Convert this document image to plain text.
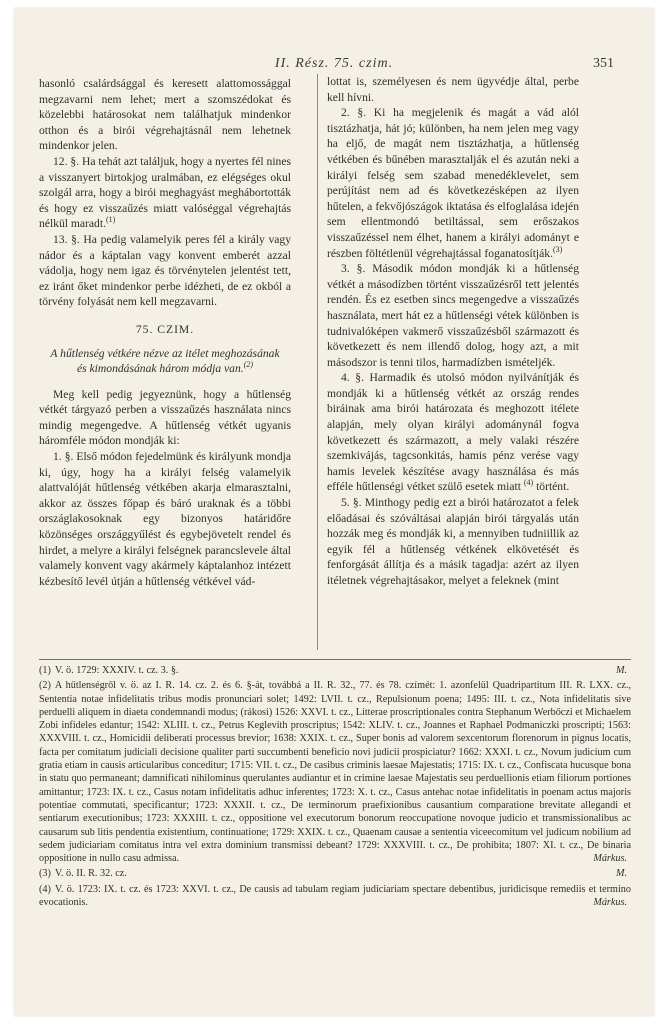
II. Rész. 75. czim.	351

hasonló csalárdsággal és keresett alattomossággal megzavarni nem lehet; mert a szomszédokat és közelebbi határosokat nem találhatjuk mindenkor otthon és a birói végrehajtásnál nem lehetnek mindenkor jelen.

12. §. Ha tehát azt találjuk, hogy a nyertes fél nines a visszanyert birtokjog uralmában, ez elégséges okul szolgál arra, hogy a birói meghagyást meghábortották és hogy ez visszaűzés miatt valóséggal végrehajtás nélkül maradt.$^{(1)}$

13. §. Ha pedig valamelyik peres fél a király vagy nádor és a káptalan vagy konvent emberét azzal vádolja, hogy nem igaz és törvénytelen jelentést tett, ez iránt őket mindenkor perbe idézheti, de ez okból a törvény folyását nem kell megzavarni.

75. CZIM.
A hűtlenség vétkére nézve az itélet meghozásának és kimondásának három módja van.$^{(2)}$

Meg kell pedig jegyeznünk, hogy a hűtlenség vétkét tárgyazó perben a visszaűzés használata nincs mindig megengedve. A hűtlenség vétkét ugyanis háromféle módon mondják ki:

1. §. Első módon fejedelmünk és királyunk mondja ki, úgy, hogy ha a királyi felség valamelyik alattvalóját hűtlenség vétkében akarja elmarasztalni, akkor az összes főpap és báró uraknak és a többi országlakosoknak egy bizonyos határidőre közönséges országgyűlést és egybejövetelt rendel és hirdet, a melyre a királyi felségnek parancslevele által valamely konvent vagy akármely káptalanhoz intézett kézbesítő levél útján a hűtlenség vétkével vád-

lottat is, személyesen és nem ügyvédje által, perbe kell hívni.

2. §. Ki ha megjelenik és magát a vád alól tisztázhatja, hát jó; különben, ha nem jelen meg vagy ha eljő, de magát nem tisztázhatja, a hűtlenség vétkében és bűnében marasztalják el és azután neki a királyi felség sem szabad menedéklevelet, sem perújítást nem ad és következésképen az ilyen hűtelen, a fekvőjószágok iktatása és elfoglalása idején sem ellentmondó betiltással, sem erőszakos visszaűzéssel nem élhet, hanem a királyi adományt e részben föltétlenül végrehajtással foganatosítják.$^{(3)}$

3. §. Második módon mondják ki a hűtlenség vétkét a másodízben történt visszaűzésről tett jelentés rendén. És ez esetben sincs megengedve a visszaűzés használata, mert hát ez a hűtlenségi vétek különben is tudnivalóképen vakmerő visszaűzésből származott és következett és nem illendő dolog, hogy azt, a mit másodszor is tenni tilos, harmadízben ismételjék.

4. §. Harmadik és utolsó módon nyilvánítják és mondják ki a hűtlenség vétkét az ország rendes biráinak ama birói határozata és meghozott itélete alapján, mely olyan királyi adománynál fogva következett és származott, a mely valaki részére szemkivájás, tagcsonkitás, hamis pénz verése vagy hamis levelek készítése avagy használása és más efféle hűtlenségi vétket szülő esetek miatt $^{(4)}$ történt.

5. §. Minthogy pedig ezt a birói határozatot a felek előadásai és szóváltásai alapján birói tárgyalás után hozzák meg és mondják ki, a mennyiben tudniillik az egyik fél a hűtlenség vétkének elkövetését és fenforgását állítja és a másik tagadja: azért az ilyen itéletnek végrehajtásakor, melyet a feleknek (mint

(1) V. ö. 1729: XXXIV. t. cz. 3. §.	M.

(2) A hűtlenségről v. ö. az I. R. 14. cz. 2. és 6. §-át, továbbá a II. R. 32., 77. és 78. czímét: 1. azonfelül Quadripartitum III. R. LXX. cz., Sententia notae infidelitatis tribus modis pronunciari solet; 1492: LVII. t. cz., Repulsionum poena; 1495: III. t. cz., Nota infidelitatis sive perduelli aliquem in diaeta condemnandi modus; (rákosi) 1526: XXVI. t. cz., Litterae proscriptionales contra Stephanum Werbőczi et Michaelem Zobi infideles edantur; 1542: XLIII. t. cz., Petrus Keglevith proscriptus; 1542: XLIV. t. cz., Joannes et Raphael Podmaniczki proscripti; 1563: XXXVIII. t. cz., Homicidii deliberati processus brevior; 1638: XXIX. t. cz., Super bonis ad valorem sexcentorum florenorum in pignus locatis, facta per comitatum judiciali decisione qualiter parti succumbenti beneficio novi judicii prospiciatur? 1662: XXXI. t. cz., Novum judicium cum gratia etiam in causis articularibus conceditur; 1715: VII. t. cz., De casibus criminis laesae Majestatis; 1715: IX. t. cz., Confiscata hucusque bona in statu quo permaneant; damnificati nihilominus querulantes audiantur et in crimine laesae Majestatis seu perduellionis etiam filiorum portiones amittantur; 1723: IX. t. cz., Casus notam infidelitatis adhuc inferentes; 1723: X. t. cz., Casus antehac notae infidelitatis in poenam actus majoris potentiae commutati, specificantur; 1723: XXXII. t. cz., De terminorum praefixionibus causantium comparatione brevitate allegandi et sentiarum executionibus; 1723: XXXIII. t. cz., oppositione vel executorum bonorum reoccupatione novoque judicio et transmissionalibus ac causarum sub litis pendentia existentium, continuatione; 1729: XXIX. t. cz., Quaenam causae a sententia viceecomitum vel judicum nobilium ad sedem judiciariam comitatus intra vel extra dominium transmissi debeant? 1729: XXXVIII. t. cz., De prohibita; 1807: XI. t. cz., De binaria oppositione in nullo casu admissa.	Márkus.

(3) V. ö. II. R. 32. cz.	M.

(4) V. ö. 1723: IX. t. cz. és 1723: XXVI. t. cz., De causis ad tabulam regiam judiciariam spectare debentibus, juridicisque remediis et termino evocationis.	Márkus.
